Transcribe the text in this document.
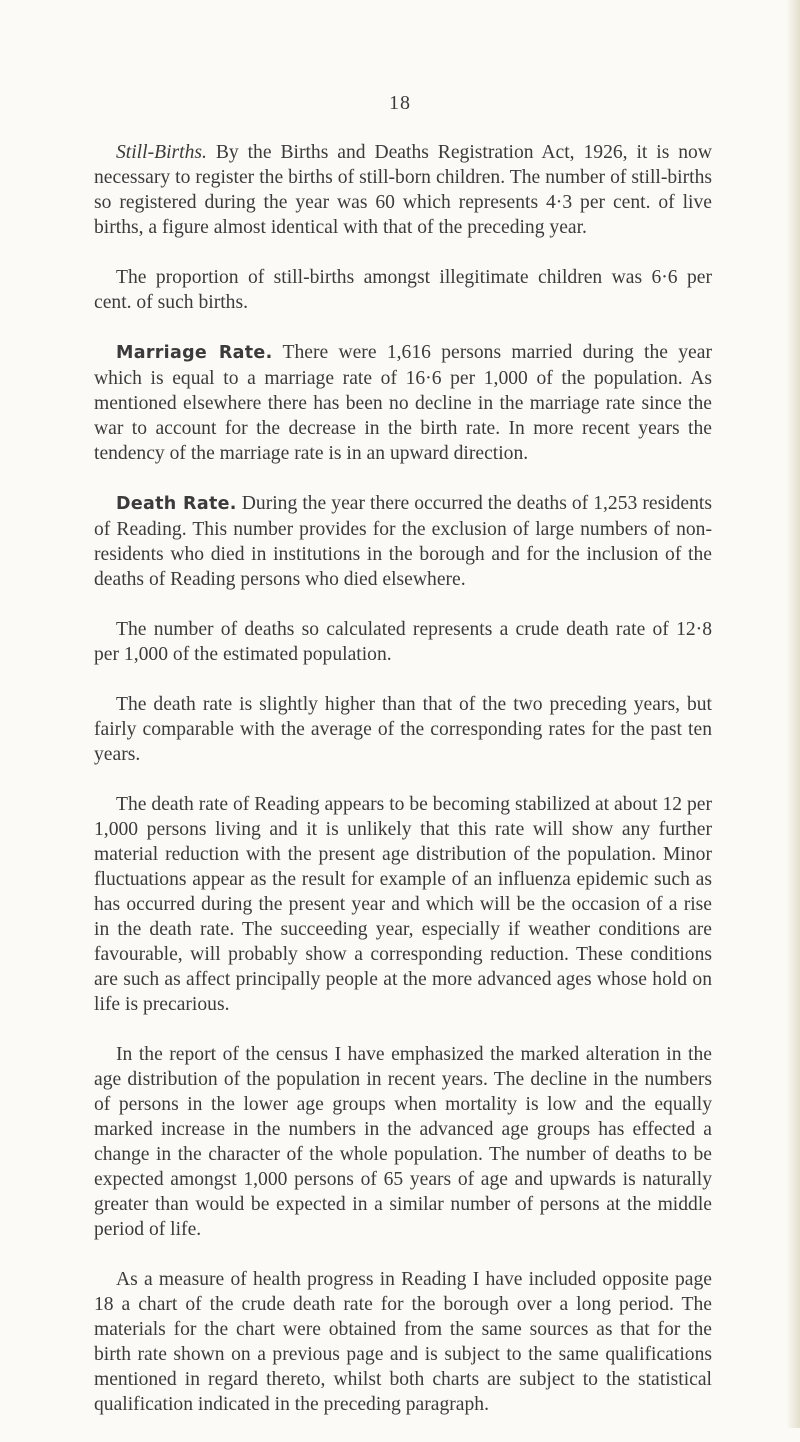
18

Still-Births. By the Births and Deaths Registration Act, 1926, it is now necessary to register the births of still-born children. The number of still-births so registered during the year was 60 which represents 4·3 per cent. of live births, a figure almost identical with that of the preceding year.

The proportion of still-births amongst illegitimate children was 6·6 per cent. of such births.

Marriage Rate. There were 1,616 persons married during the year which is equal to a marriage rate of 16·6 per 1,000 of the population. As mentioned elsewhere there has been no decline in the marriage rate since the war to account for the decrease in the birth rate. In more recent years the tendency of the marriage rate is in an upward direction.

Death Rate. During the year there occurred the deaths of 1,253 residents of Reading. This number provides for the exclusion of large numbers of non-residents who died in institutions in the borough and for the inclusion of the deaths of Reading persons who died elsewhere.

The number of deaths so calculated represents a crude death rate of 12·8 per 1,000 of the estimated population.

The death rate is slightly higher than that of the two preceding years, but fairly comparable with the average of the corresponding rates for the past ten years.

The death rate of Reading appears to be becoming stabilized at about 12 per 1,000 persons living and it is unlikely that this rate will show any further material reduction with the present age distribution of the population. Minor fluctuations appear as the result for example of an influenza epidemic such as has occurred during the present year and which will be the occasion of a rise in the death rate. The succeeding year, especially if weather conditions are favourable, will probably show a corresponding reduction. These conditions are such as affect principally people at the more advanced ages whose hold on life is precarious.

In the report of the census I have emphasized the marked alteration in the age distribution of the population in recent years. The decline in the numbers of persons in the lower age groups when mortality is low and the equally marked increase in the numbers in the advanced age groups has effected a change in the character of the whole population. The number of deaths to be expected amongst 1,000 persons of 65 years of age and upwards is naturally greater than would be expected in a similar number of persons at the middle period of life.

As a measure of health progress in Reading I have included opposite page 18 a chart of the crude death rate for the borough over a long period. The materials for the chart were obtained from the same sources as that for the birth rate shown on a previous page and is subject to the same qualifications mentioned in regard thereto, whilst both charts are subject to the statistical qualification indicated in the preceding paragraph.
